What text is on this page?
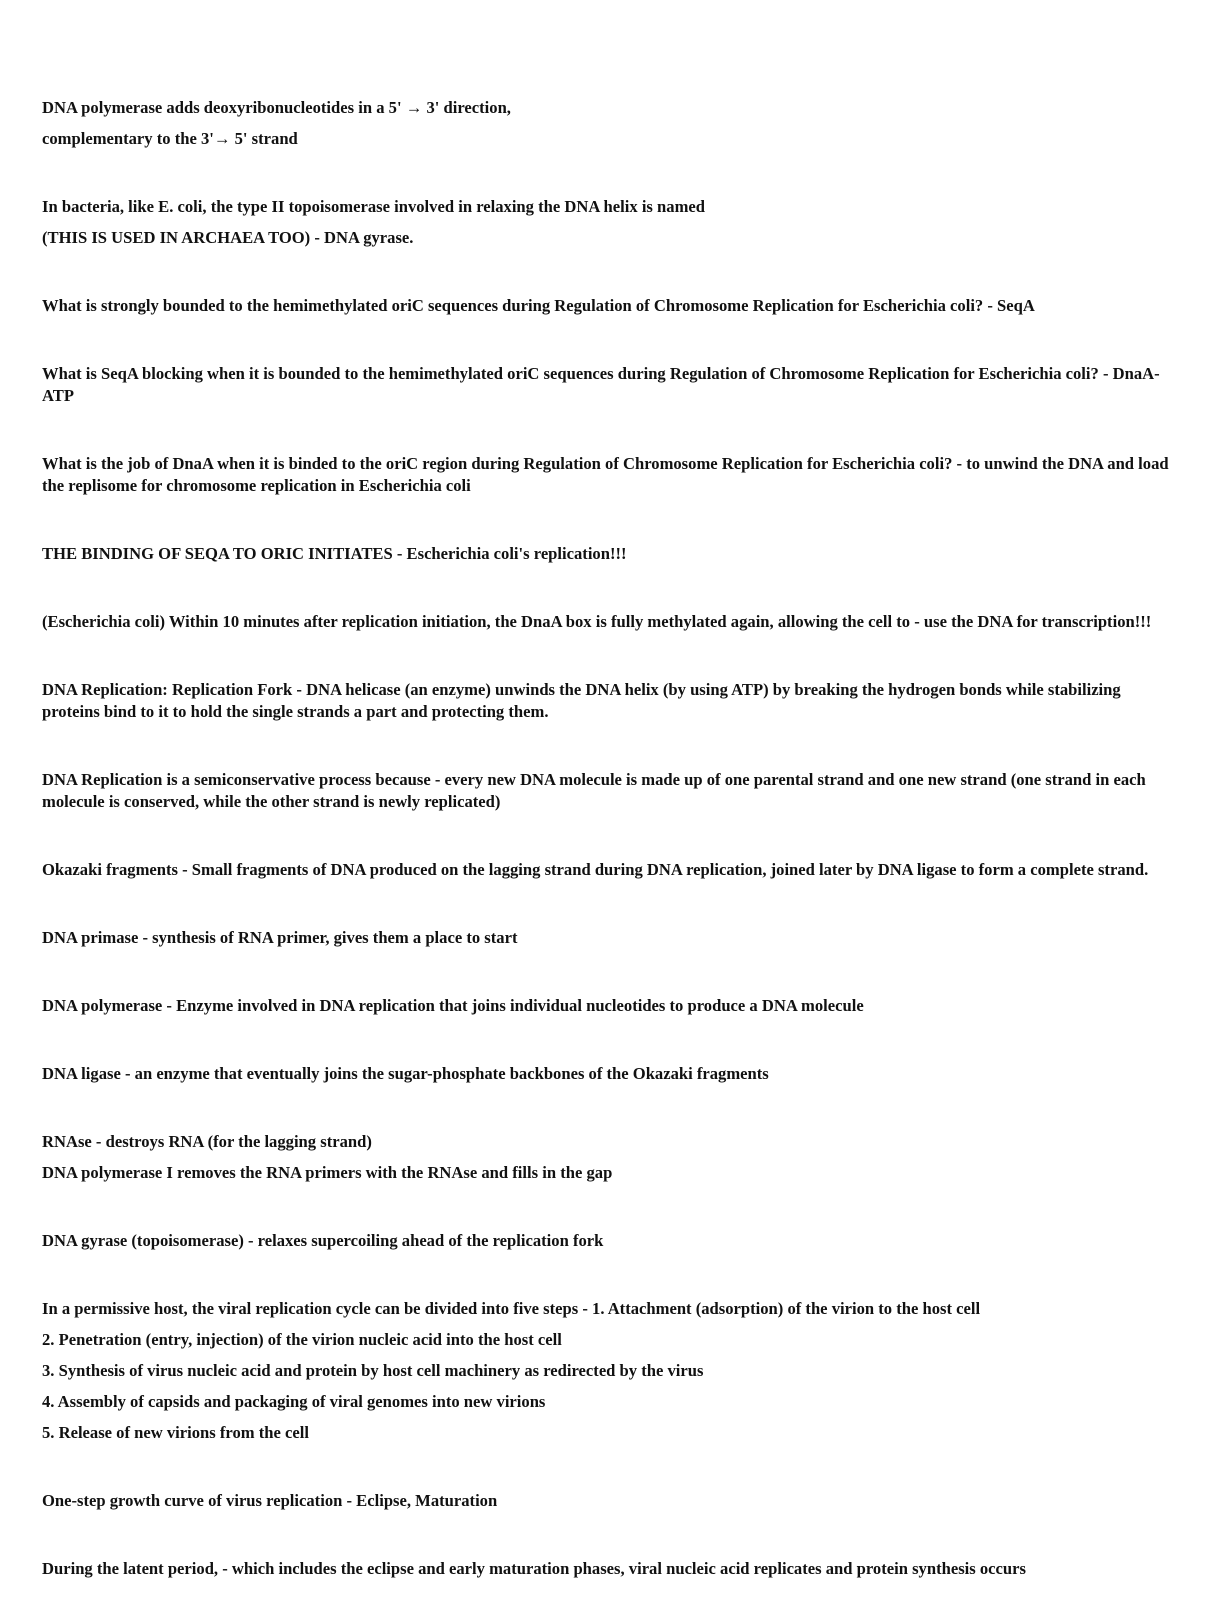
DNA polymerase adds deoxyribonucleotides in a 5' → 3' direction,
complementary to the 3'→ 5' strand
In bacteria, like E. coli, the type II topoisomerase involved in relaxing the DNA helix is named
(THIS IS USED IN ARCHAEA TOO) - DNA gyrase.
What is strongly bounded to the hemimethylated oriC sequences during Regulation of Chromosome Replication for Escherichia coli? - SeqA
What is SeqA blocking when it is bounded to the hemimethylated oriC sequences during Regulation of Chromosome Replication for Escherichia coli? - DnaA-ATP
What is the job of DnaA when it is binded to the oriC region during Regulation of Chromosome Replication for Escherichia coli? - to unwind the DNA and load the replisome for chromosome replication in Escherichia coli
THE BINDING OF SEQA TO ORIC INITIATES - Escherichia coli's replication!!!
(Escherichia coli) Within 10 minutes after replication initiation, the DnaA box is fully methylated again, allowing the cell to - use the DNA for transcription!!!
DNA Replication: Replication Fork - DNA helicase (an enzyme) unwinds the DNA helix (by using ATP) by breaking the hydrogen bonds while stabilizing proteins bind to it to hold the single strands a part and protecting them.
DNA Replication is a semiconservative process because - every new DNA molecule is made up of one parental strand and one new strand (one strand in each molecule is conserved, while the other strand is newly replicated)
Okazaki fragments - Small fragments of DNA produced on the lagging strand during DNA replication, joined later by DNA ligase to form a complete strand.
DNA primase - synthesis of RNA primer, gives them a place to start
DNA polymerase - Enzyme involved in DNA replication that joins individual nucleotides to produce a DNA molecule
DNA ligase - an enzyme that eventually joins the sugar-phosphate backbones of the Okazaki fragments
RNAse - destroys RNA (for the lagging strand)
DNA polymerase I removes the RNA primers with the RNAse and fills in the gap
DNA gyrase (topoisomerase) - relaxes supercoiling ahead of the replication fork
In a permissive host, the viral replication cycle can be divided into five steps - 1. Attachment (adsorption) of the virion to the host cell
2. Penetration (entry, injection) of the virion nucleic acid into the host cell
3. Synthesis of virus nucleic acid and protein by host cell machinery as redirected by the virus
4. Assembly of capsids and packaging of viral genomes into new virions
5. Release of new virions from the cell
One-step growth curve of virus replication - Eclipse, Maturation
During the latent period, - which includes the eclipse and early maturation phases, viral nucleic acid replicates and protein synthesis occurs
